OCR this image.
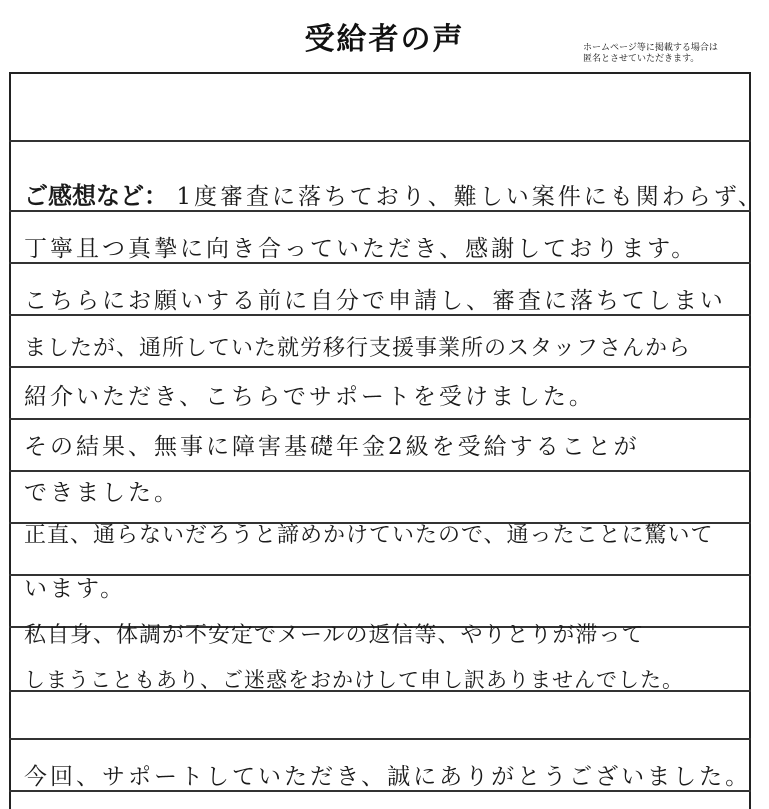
受給者の声	ホームページ等に掲載する場合は
匿名とさせていただきます。
ご感想など： 1度審査に落ちており、難しい案件にも関わらず、
丁寧且つ真摯に向き合っていただき、感謝しております。
こちらにお願いする前に自分で申請し、審査に落ちてしまい
ましたが、通所していた就労移行支援事業所のスタッフさんから
紹介いただき、こちらでサポートを受けました。
その結果、無事に障害基礎年金2級を受給することが
できました。
正直、通らないだろうと諦めかけていたので、通ったことに驚いて
います。
私自身、体調が不安定でメールの返信等、やりとりが滞って
しまうこともあり、ご迷惑をおかけして申し訳ありませんでした。
今回、サポートしていただき、誠にありがとうございました。
